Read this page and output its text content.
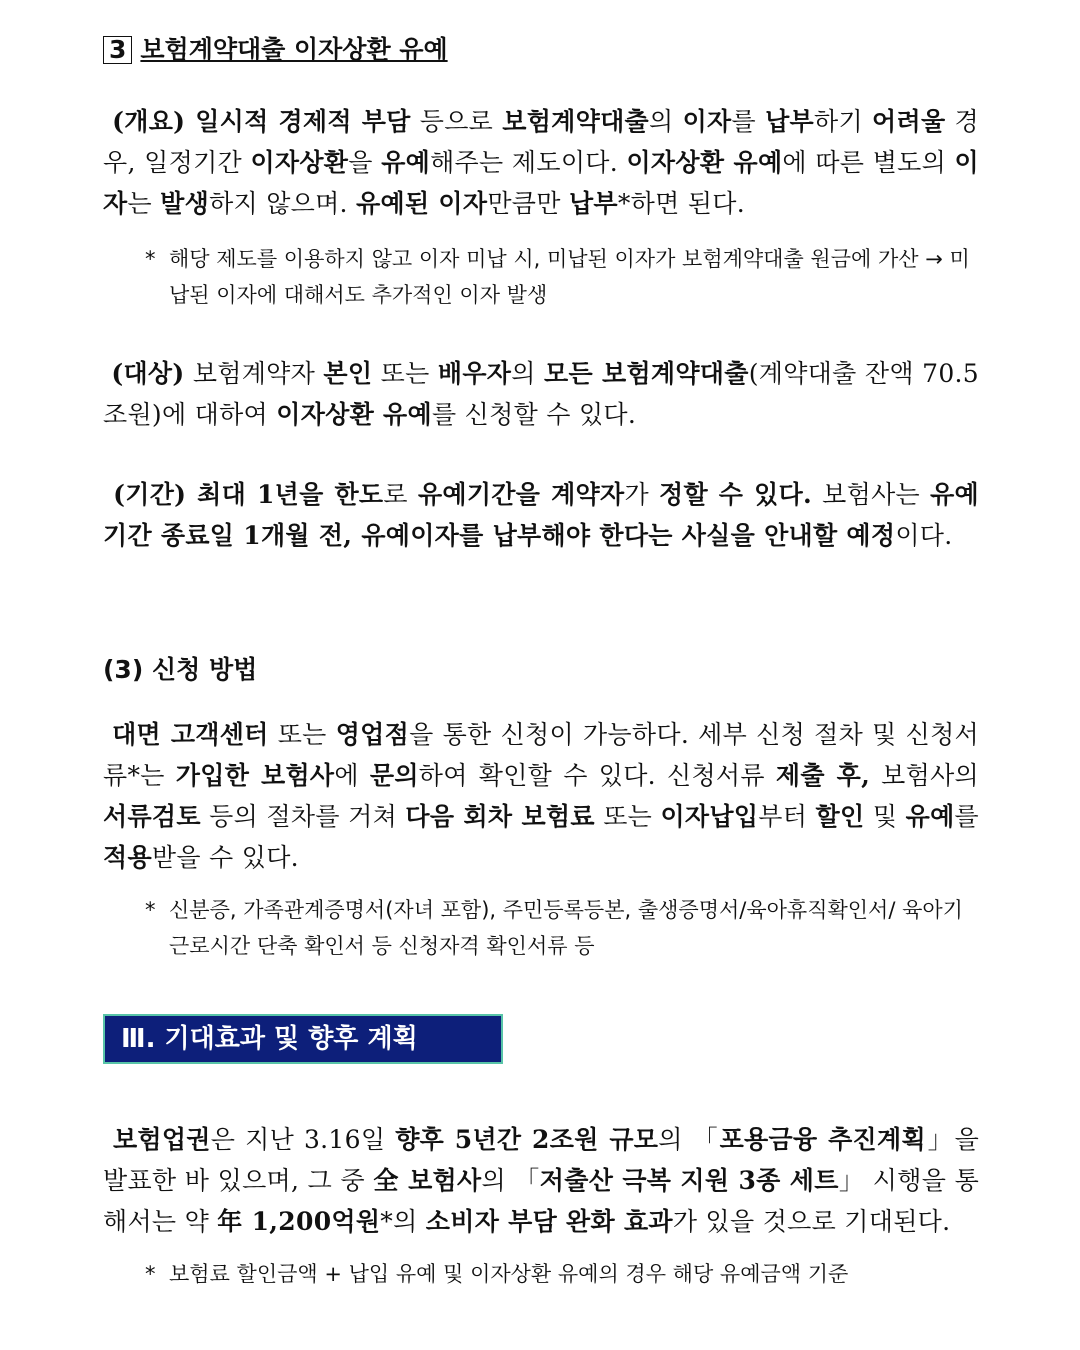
3 보험계약대출 이자상환 유예
(개요) 일시적 경제적 부담 등으로 보험계약대출의 이자를 납부하기 어려울 경우, 일정기간 이자상환을 유예해주는 제도이다. 이자상환 유예에 따른 별도의 이자는 발생하지 않으며. 유예된 이자만큼만 납부*하면 된다.
* 해당 제도를 이용하지 않고 이자 미납 시, 미납된 이자가 보험계약대출 원금에 가산 → 미납된 이자에 대해서도 추가적인 이자 발생
(대상) 보험계약자 본인 또는 배우자의 모든 보험계약대출(계약대출 잔액 70.5조원)에 대하여 이자상환 유예를 신청할 수 있다.
(기간) 최대 1년을 한도로 유예기간을 계약자가 정할 수 있다. 보험사는 유예기간 종료일 1개월 전, 유예이자를 납부해야 한다는 사실을 안내할 예정이다.
(3) 신청 방법
대면 고객센터 또는 영업점을 통한 신청이 가능하다. 세부 신청 절차 및 신청서류*는 가입한 보험사에 문의하여 확인할 수 있다. 신청서류 제출 후, 보험사의 서류검토 등의 절차를 거쳐 다음 회차 보험료 또는 이자납입부터 할인 및 유예를 적용받을 수 있다.
* 신분증, 가족관계증명서(자녀 포함), 주민등록등본, 출생증명서/육아휴직확인서/ 육아기 근로시간 단축 확인서 등 신청자격 확인서류 등
Ⅲ. 기대효과 및 향후 계획
보험업권은 지난 3.16일 향후 5년간 2조원 규모의 「포용금융 추진계획」을 발표한 바 있으며, 그 중 全 보험사의 「저출산 극복 지원 3종 세트」 시행을 통해서는 약 年 1,200억원*의 소비자 부담 완화 효과가 있을 것으로 기대된다.
* 보험료 할인금액 + 납입 유예 및 이자상환 유예의 경우 해당 유예금액 기준
